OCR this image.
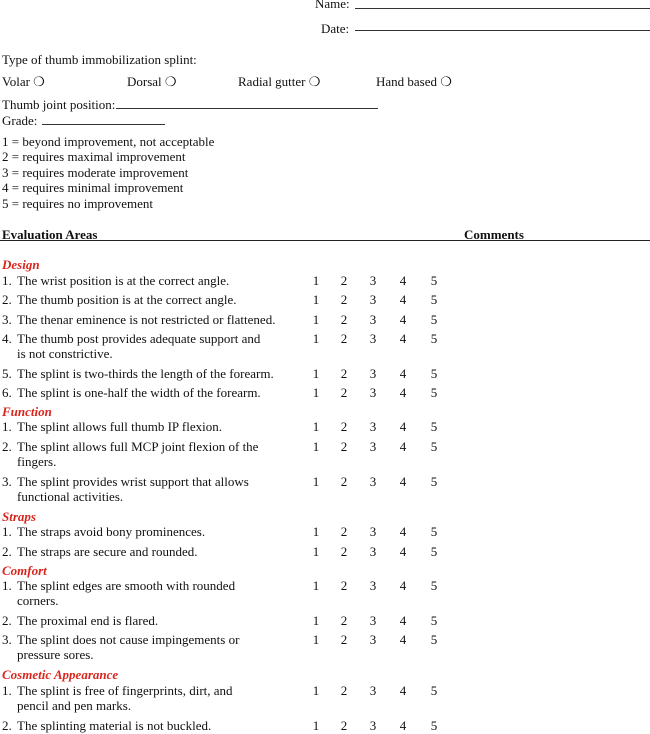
Name:
Date:
Type of thumb immobilization splint:
Volar ❍	Dorsal ❍	Radial gutter ❍	Hand based ❍
Thumb joint position:
Grade:
1 = beyond improvement, not acceptable
2 = requires maximal improvement
3 = requires moderate improvement
4 = requires minimal improvement
5 = requires no improvement
Evaluation Areas	Comments
Design
1. The wrist position is at the correct angle.	1 2 3 4 5
2. The thumb position is at the correct angle.	1 2 3 4 5
3. The thenar eminence is not restricted or flattened.	1 2 3 4 5
4. The thumb post provides adequate support and
is not constrictive.
1 2 3 4 5
5. The splint is two-thirds the length of the forearm.	1 2 3 4 5
6. The splint is one-half the width of the forearm.	1 2 3 4 5
Function
1. The splint allows full thumb IP flexion.	1 2 3 4 5
2. The splint allows full MCP joint flexion of the
fingers.
1 2 3 4 5
3. The splint provides wrist support that allows
functional activities.
1 2 3 4 5
Straps
1. The straps avoid bony prominences.	1 2 3 4 5
2. The straps are secure and rounded.	1 2 3 4 5
Comfort
1. The splint edges are smooth with rounded
corners.
1 2 3 4 5
2. The proximal end is flared.	1 2 3 4 5
3. The splint does not cause impingements or
pressure sores.
1 2 3 4 5
Cosmetic Appearance
1. The splint is free of fingerprints, dirt, and
pencil and pen marks.
1 2 3 4 5
2. The splinting material is not buckled.	1 2 3 4 5
